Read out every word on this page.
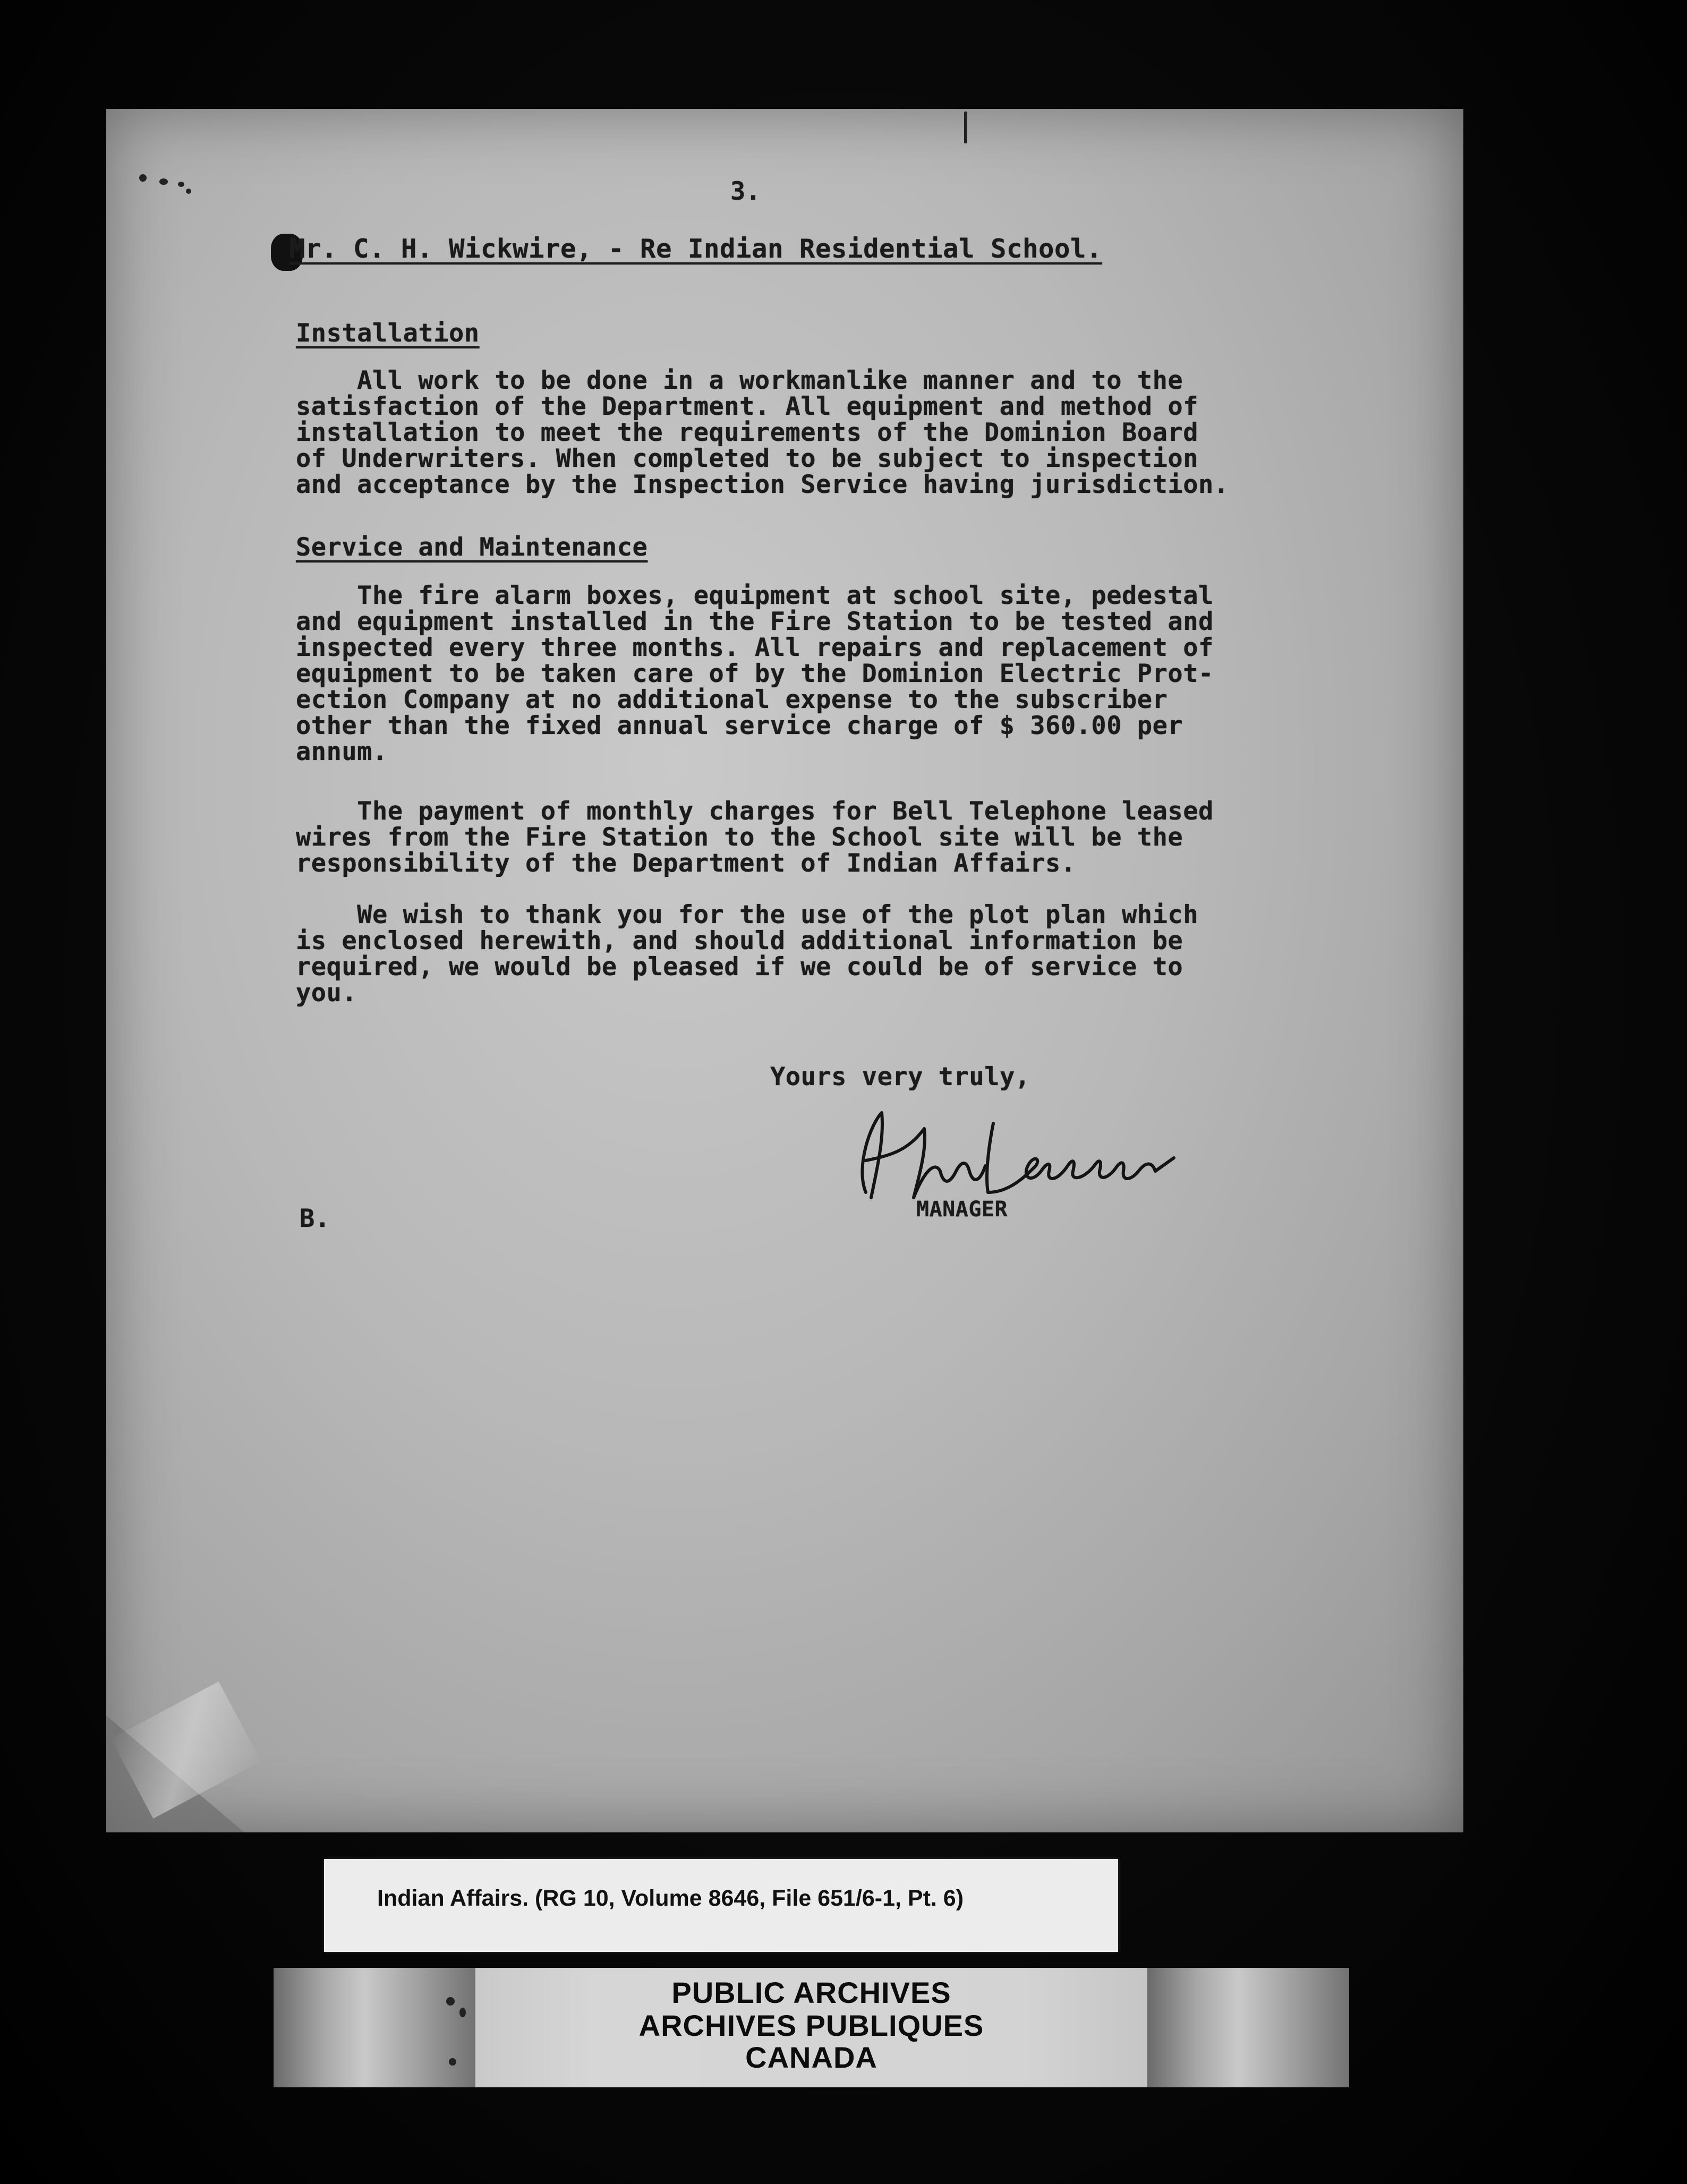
3.
Mr. C. H. Wickwire, - Re Indian Residential School.
Installation
All work to be done in a workmanlike manner and to the
satisfaction of the Department. All equipment and method of
installation to meet the requirements of the Dominion Board
of Underwriters. When completed to be subject to inspection
and acceptance by the Inspection Service having jurisdiction.
Service and Maintenance
The fire alarm boxes, equipment at school site, pedestal
and equipment installed in the Fire Station to be tested and
inspected every three months. All repairs and replacement of
equipment to be taken care of by the Dominion Electric Prot-
ection Company at no additional expense to the subscriber
other than the fixed annual service charge of $ 360.00 per
annum.
The payment of monthly charges for Bell Telephone leased
wires from the Fire Station to the School site will be the
responsibility of the Department of Indian Affairs.
We wish to thank you for the use of the plot plan which
is enclosed herewith, and should additional information be
required, we would be pleased if we could be of service to
you.
Yours very truly,
MANAGER
B.
Indian Affairs. (RG 10, Volume 8646, File 651/6-1, Pt. 6)
PUBLIC ARCHIVES
ARCHIVES PUBLIQUES
CANADA
